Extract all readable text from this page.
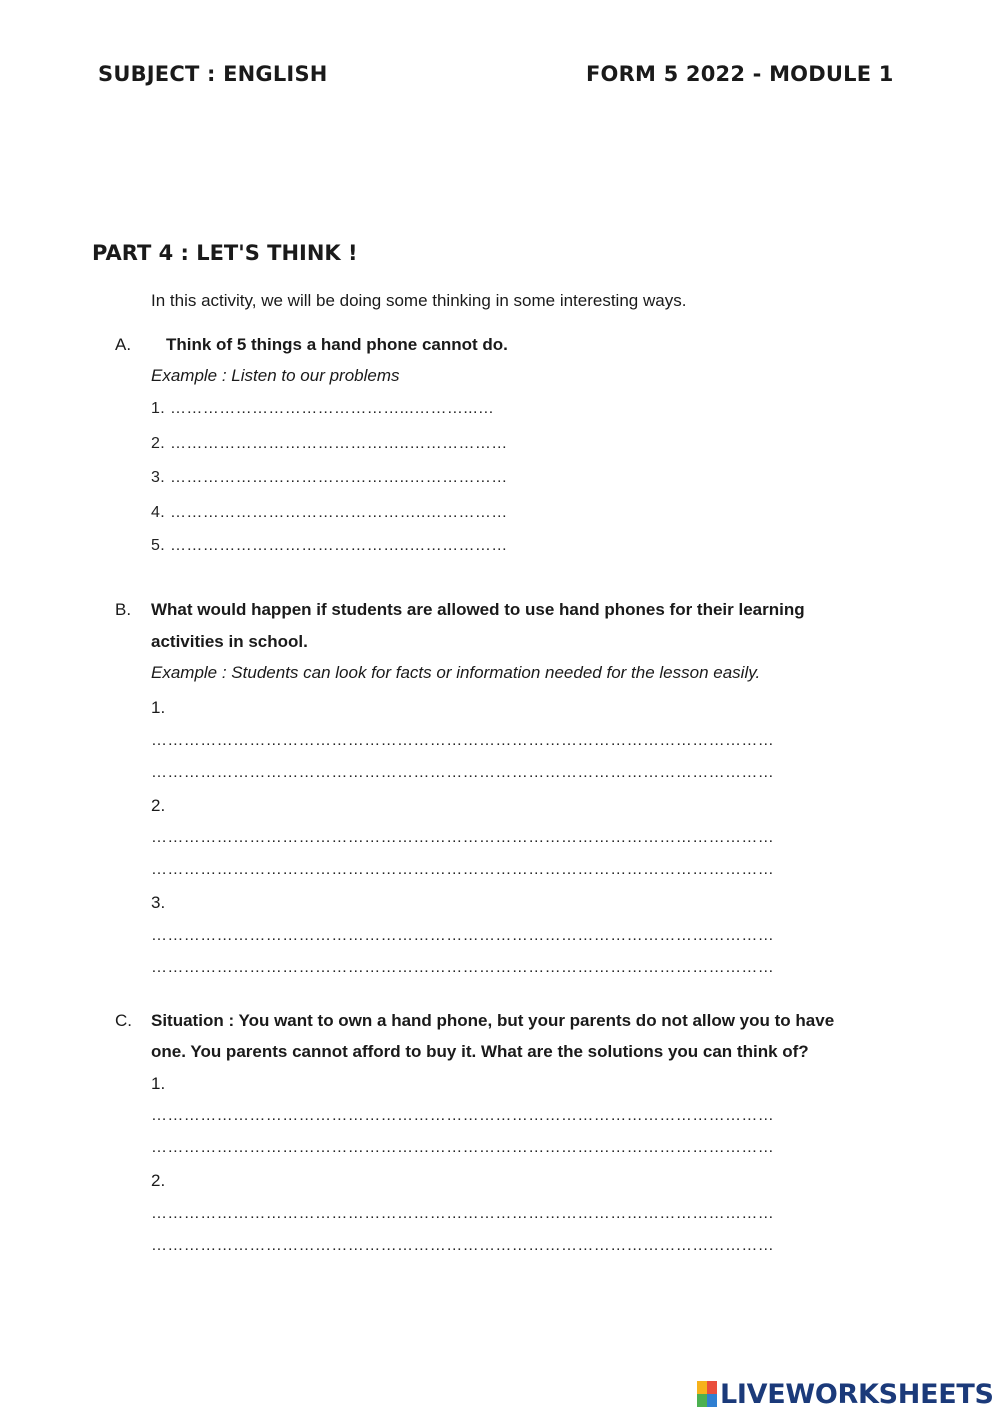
SUBJECT : ENGLISH	FORM 5 2022 - MODULE 1
PART 4 : LET'S THINK !
In this activity, we will be doing some thinking in some interesting ways.
A. Think of 5 things a hand phone cannot do.
Example : Listen to our problems
1. ……………………………………...………...…
2. ……………………………………..………………
3. ……………………………………..………………
4. ………………………………………..……………
5. ……………………………………..………………
B. What would happen if students are allowed to use hand phones for their learning
activities in school.
Example : Students can look for facts or information needed for the lesson easily.
1.
……………………………………………………………………………………………………
……………………………………………………………………………………………………
2.
……………………………………………………………………………………………………
……………………………………………………………………………………………………
3.
……………………………………………………………………………………………………
……………………………………………………………………………………………………
C. Situation : You want to own a hand phone, but your parents do not allow you to have
one. You parents cannot afford to buy it. What are the solutions you can think of?
1.
……………………………………………………………………………………………………
……………………………………………………………………………………………………
2.
……………………………………………………………………………………………………
……………………………………………………………………………………………………
LIVEWORKSHEETS
